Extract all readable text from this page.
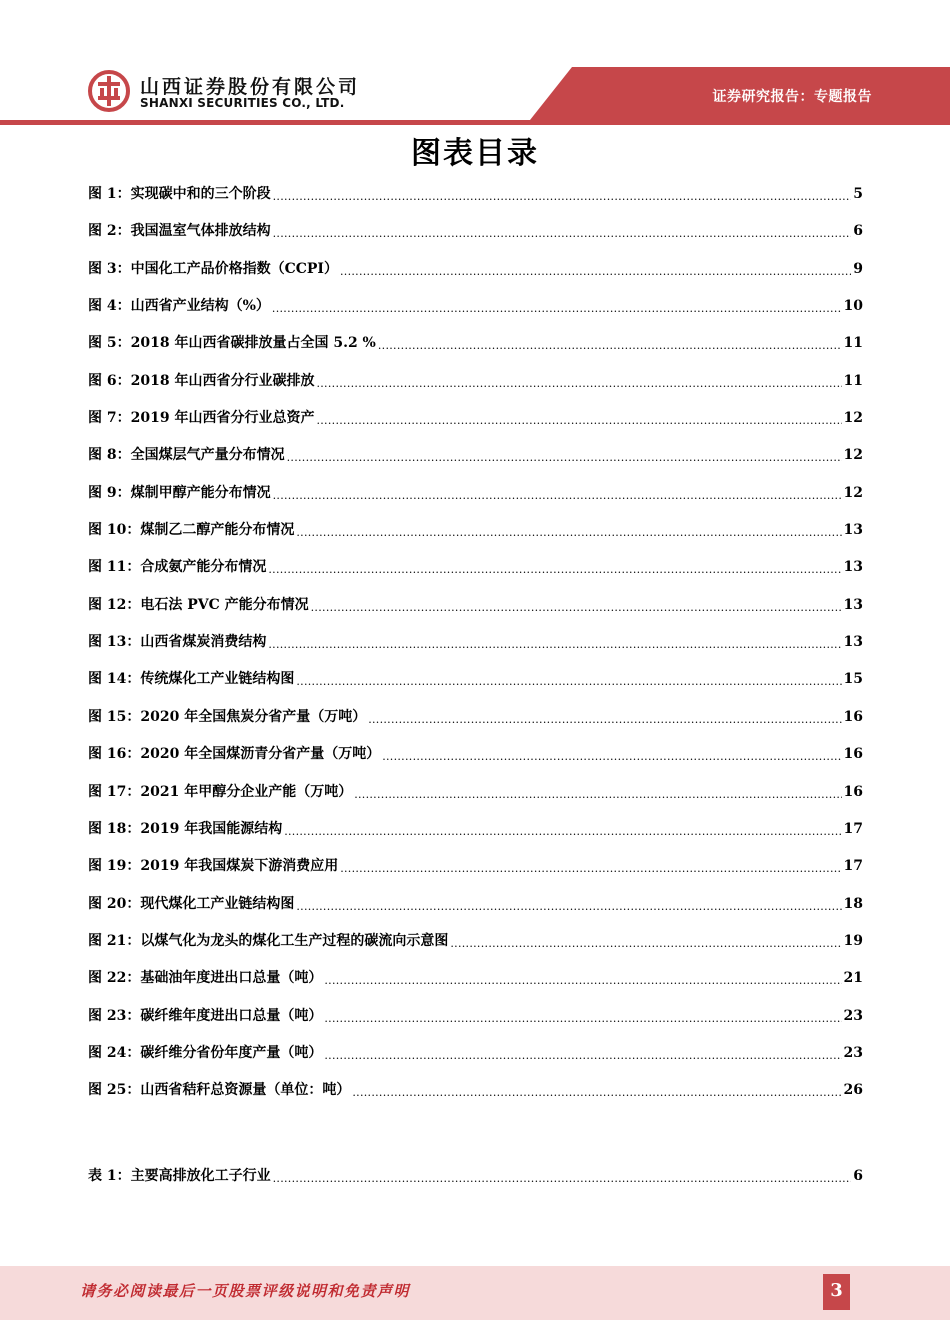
山西证券股份有限公司
SHANXI SECURITIES CO., LTD.	证券研究报告：专题报告
图表目录
图 1：实现碳中和的三个阶段 .....	5
图 2：我国温室气体排放结构 .....	6
图 3：中国化工产品价格指数（CCPI） .....	9
图 4：山西省产业结构（%） .....	10
图 5：2018 年山西省碳排放量占全国 5.2 % .....	11
图 6：2018 年山西省分行业碳排放 .....	11
图 7：2019 年山西省分行业总资产 .....	12
图 8：全国煤层气产量分布情况 .....	12
图 9：煤制甲醇产能分布情况 .....	12
图 10：煤制乙二醇产能分布情况 .....	13
图 11：合成氨产能分布情况 .....	13
图 12：电石法 PVC 产能分布情况 .....	13
图 13：山西省煤炭消费结构 .....	13
图 14：传统煤化工产业链结构图 .....	15
图 15：2020 年全国焦炭分省产量（万吨） .....	16
图 16：2020 年全国煤沥青分省产量（万吨） .....	16
图 17：2021 年甲醇分企业产能（万吨） .....	16
图 18：2019 年我国能源结构 .....	17
图 19：2019 年我国煤炭下游消费应用 .....	17
图 20：现代煤化工产业链结构图 .....	18
图 21：以煤气化为龙头的煤化工生产过程的碳流向示意图 .....	19
图 22：基础油年度进出口总量（吨） .....	21
图 23：碳纤维年度进出口总量（吨） .....	23
图 24：碳纤维分省份年度产量（吨） .....	23
图 25：山西省秸秆总资源量（单位：吨） .....	26
表 1：主要高排放化工子行业 .....	6
请务必阅读最后一页股票评级说明和免责声明	3
